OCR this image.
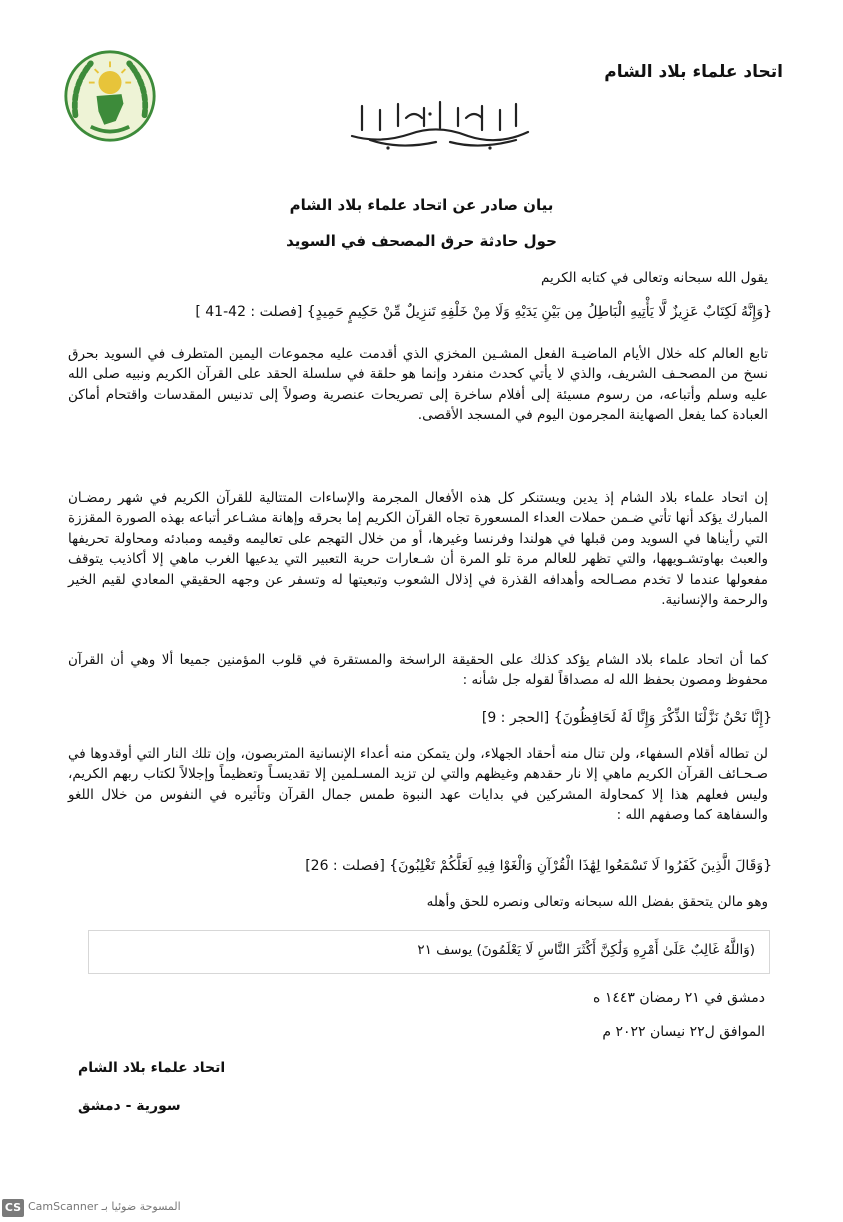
اتحاد علماء بلاد الشام
بيان صادر عن اتحاد علماء بلاد الشام
حول حادثة حرق المصحف في السويد
يقول الله سبحانه وتعالى في كتابه الكريم
{وَإِنَّهُ لَكِتَابٌ عَزِيزٌ لَّا يَأْتِيهِ الْبَاطِلُ مِن بَيْنِ يَدَيْهِ وَلَا مِنْ خَلْفِهِ تَنزِيلٌ مِّنْ حَكِيمٍ حَمِيدٍ} [فصلت : 42-41 ]
تابع العالم كله خلال الأيام الماضيـة الفعل المشـين المخزي الذي أقدمت عليه مجموعات اليمين المتطرف في السويد بحرق نسخ من المصحـف الشريف، والذي لا يأتي كحدث منفرد وإنما هو حلقة في سلسلة الحقد على القرآن الكريم ونبيه صلى الله عليه وسلم وأتباعه، من رسوم مسيئة إلى أفلام ساخرة إلى تصريحات عنصرية وصولاً إلى تدنيس المقدسات واقتحام أماكن العبادة كما يفعل الصهاينة المجرمون اليوم في المسجد الأقصى.
إن اتحاد علماء بلاد الشام إذ يدين ويستنكر كل هذه الأفعال المجرمة والإساءات المتتالية للقرآن الكريم في شهر رمضـان المبارك يؤكد أنها تأتي ضـمن حملات العداء المسعورة تجاه القرآن الكريم إما بحرقه وإهانة مشـاعر أتباعه بهذه الصورة المقززة التي رأيناها في السويد ومن قبلها في هولندا وفرنسا وغيرها، أو من خلال التهجم على تعاليمه وقيمه ومبادئه ومحاولة تحريفها والعبث بهاوتشـويهها، والتي تظهر للعالم مرة تلو المرة أن شـعارات حرية التعبير التي يدعيها الغرب ماهي إلا أكاذيب يتوقف مفعولها عندما لا تخدم مصـالحه وأهدافه القذرة في إذلال الشعوب وتبعيتها له وتسفر عن وجهه الحقيقي المعادي لقيم الخير والرحمة والإنسانية.
كما أن اتحاد علماء بلاد الشام يؤكد كذلك على الحقيقة الراسخة والمستقرة في قلوب المؤمنين جميعا ألا وهي أن القرآن محفوظ ومصون بحفظ الله له مصداقاً لقوله جل شأنه :
{إِنَّا نَحْنُ نَزَّلْنَا الذِّكْرَ وَإِنَّا لَهُ لَحَافِظُونَ} [الحجر : 9]
لن تطاله أقلام السفهاء، ولن تنال منه أحقاد الجهلاء، ولن يتمكن منه أعداء الإنسانية المتربصون، وإن تلك النار التي أوقدوها في صـحـائف القرآن الكريم ماهي إلا نار حقدهم وغيظهم والتي لن تزيد المسـلمين إلا تقديسـاً وتعظيماً وإجلالاً لكتاب ربهم الكريم، وليس فعلهم هذا إلا كمحاولة المشركين في بدايات عهد النبوة طمس جمال القرآن وتأثيره في النفوس من خلال اللغو والسفاهة كما وصفهم الله :
{وَقَالَ الَّذِينَ كَفَرُوا لَا تَسْمَعُوا لِهَٰذَا الْقُرْآنِ وَالْغَوْا فِيهِ لَعَلَّكُمْ تَغْلِبُونَ} [فصلت : 26]
وهو مالن يتحقق بفضل الله سبحانه وتعالى ونصره للحق وأهله
(وَاللَّهُ غَالِبٌ عَلَىٰ أَمْرِهِ وَلَٰكِنَّ أَكْثَرَ النَّاسِ لَا يَعْلَمُونَ) يوسف ٢١
دمشق في ٢١ رمضان ١٤٤٣ ه
الموافق ل٢٢ نيسان ٢٠٢٢ م
اتحاد علماء بلاد الشام
سورية - دمشق
CS المسوحة ضوئيا بـ CamScanner
